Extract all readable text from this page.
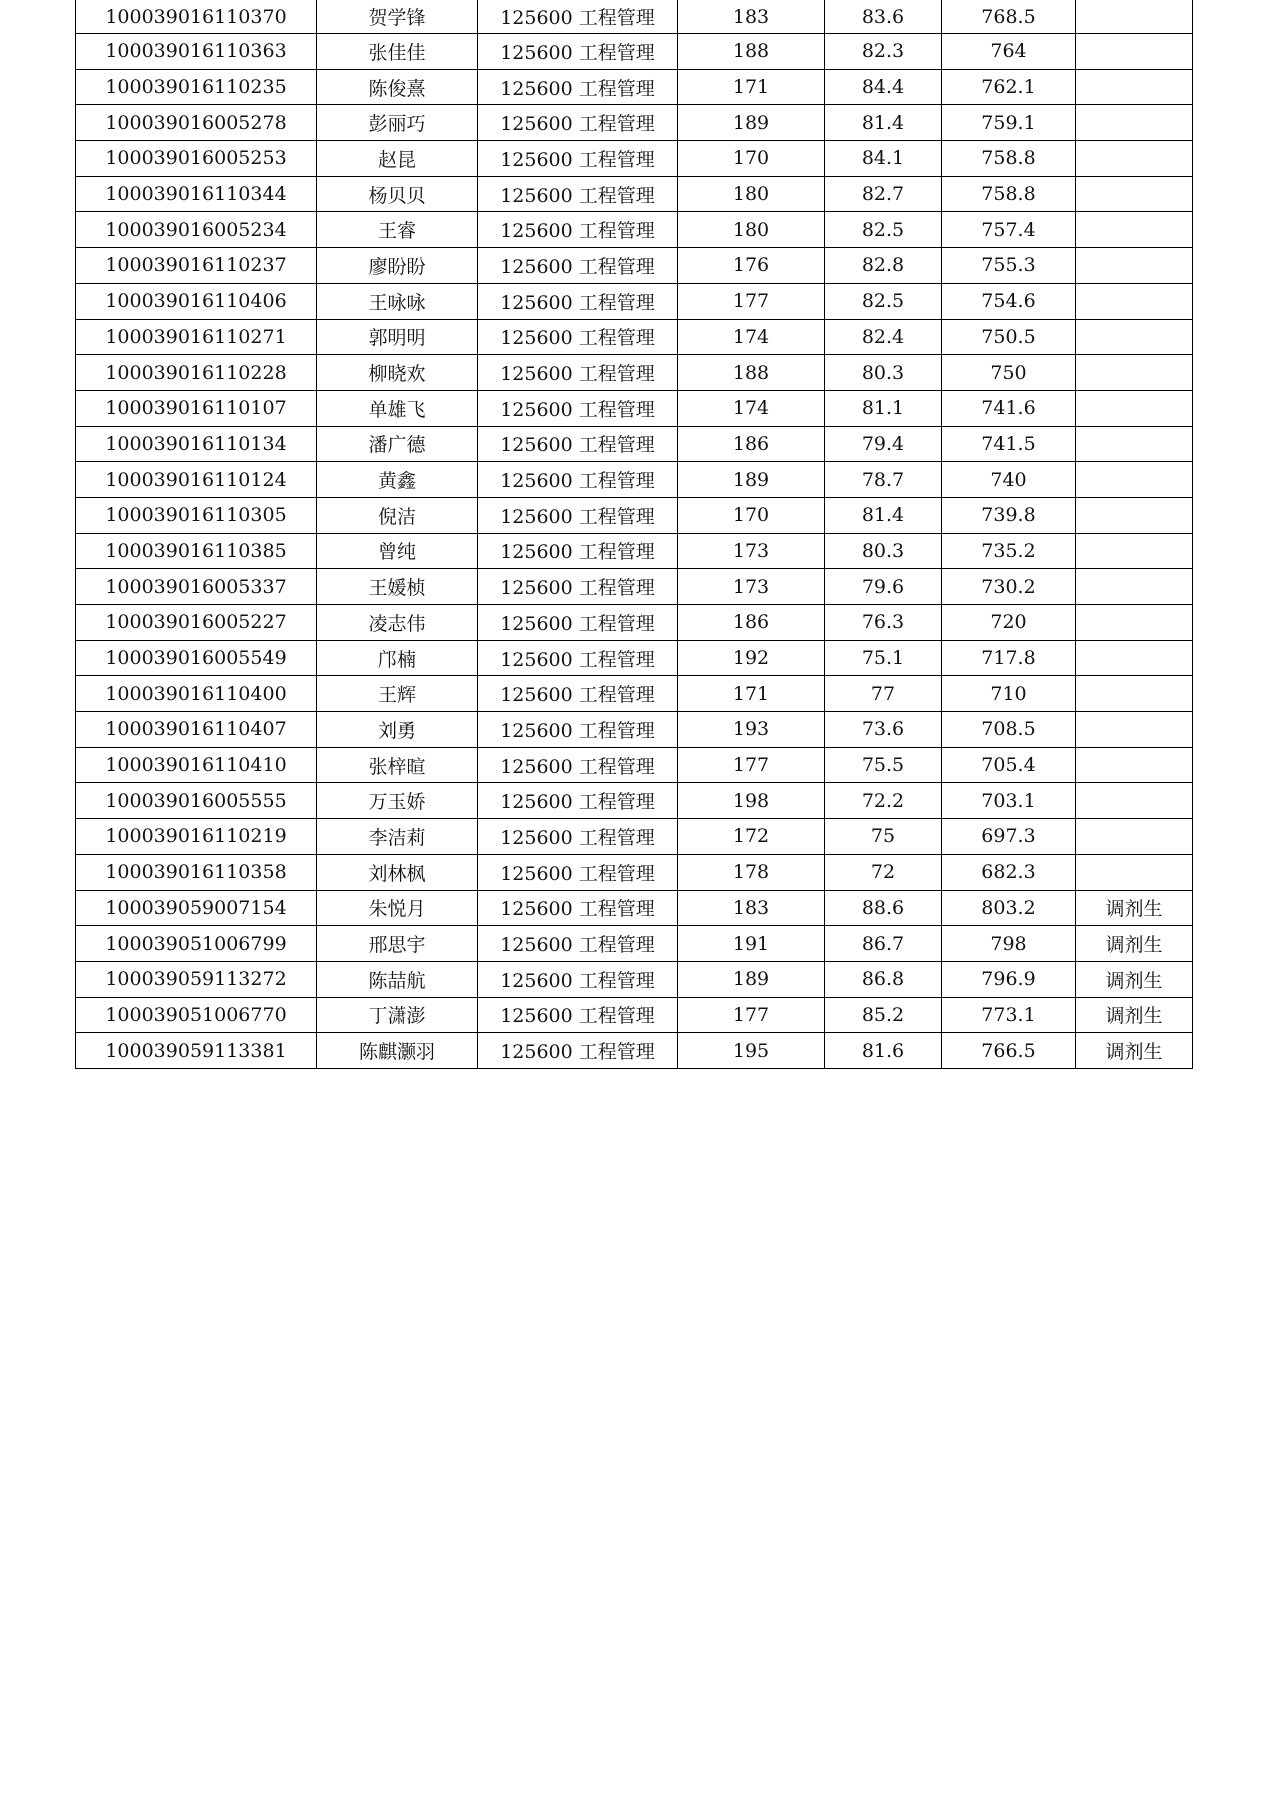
100039016110370	贺学锋	125600 工程管理	183	83.6	768.5	
100039016110363	张佳佳	125600 工程管理	188	82.3	764	
100039016110235	陈俊熹	125600 工程管理	171	84.4	762.1	
100039016005278	彭丽巧	125600 工程管理	189	81.4	759.1	
100039016005253	赵昆	125600 工程管理	170	84.1	758.8	
100039016110344	杨贝贝	125600 工程管理	180	82.7	758.8	
100039016005234	王睿	125600 工程管理	180	82.5	757.4	
100039016110237	廖盼盼	125600 工程管理	176	82.8	755.3	
100039016110406	王咏咏	125600 工程管理	177	82.5	754.6	
100039016110271	郭明明	125600 工程管理	174	82.4	750.5	
100039016110228	柳晓欢	125600 工程管理	188	80.3	750	
100039016110107	单雄飞	125600 工程管理	174	81.1	741.6	
100039016110134	潘广德	125600 工程管理	186	79.4	741.5	
100039016110124	黄鑫	125600 工程管理	189	78.7	740	
100039016110305	倪洁	125600 工程管理	170	81.4	739.8	
100039016110385	曾纯	125600 工程管理	173	80.3	735.2	
100039016005337	王媛桢	125600 工程管理	173	79.6	730.2	
100039016005227	凌志伟	125600 工程管理	186	76.3	720	
100039016005549	邝楠	125600 工程管理	192	75.1	717.8	
100039016110400	王辉	125600 工程管理	171	77	710	
100039016110407	刘勇	125600 工程管理	193	73.6	708.5	
100039016110410	张梓暄	125600 工程管理	177	75.5	705.4	
100039016005555	万玉娇	125600 工程管理	198	72.2	703.1	
100039016110219	李洁莉	125600 工程管理	172	75	697.3	
100039016110358	刘林枫	125600 工程管理	178	72	682.3	
100039059007154	朱悦月	125600 工程管理	183	88.6	803.2	调剂生
100039051006799	邢思宇	125600 工程管理	191	86.7	798	调剂生
100039059113272	陈喆航	125600 工程管理	189	86.8	796.9	调剂生
100039051006770	丁潇澎	125600 工程管理	177	85.2	773.1	调剂生
100039059113381	陈麒灏羽	125600 工程管理	195	81.6	766.5	调剂生
